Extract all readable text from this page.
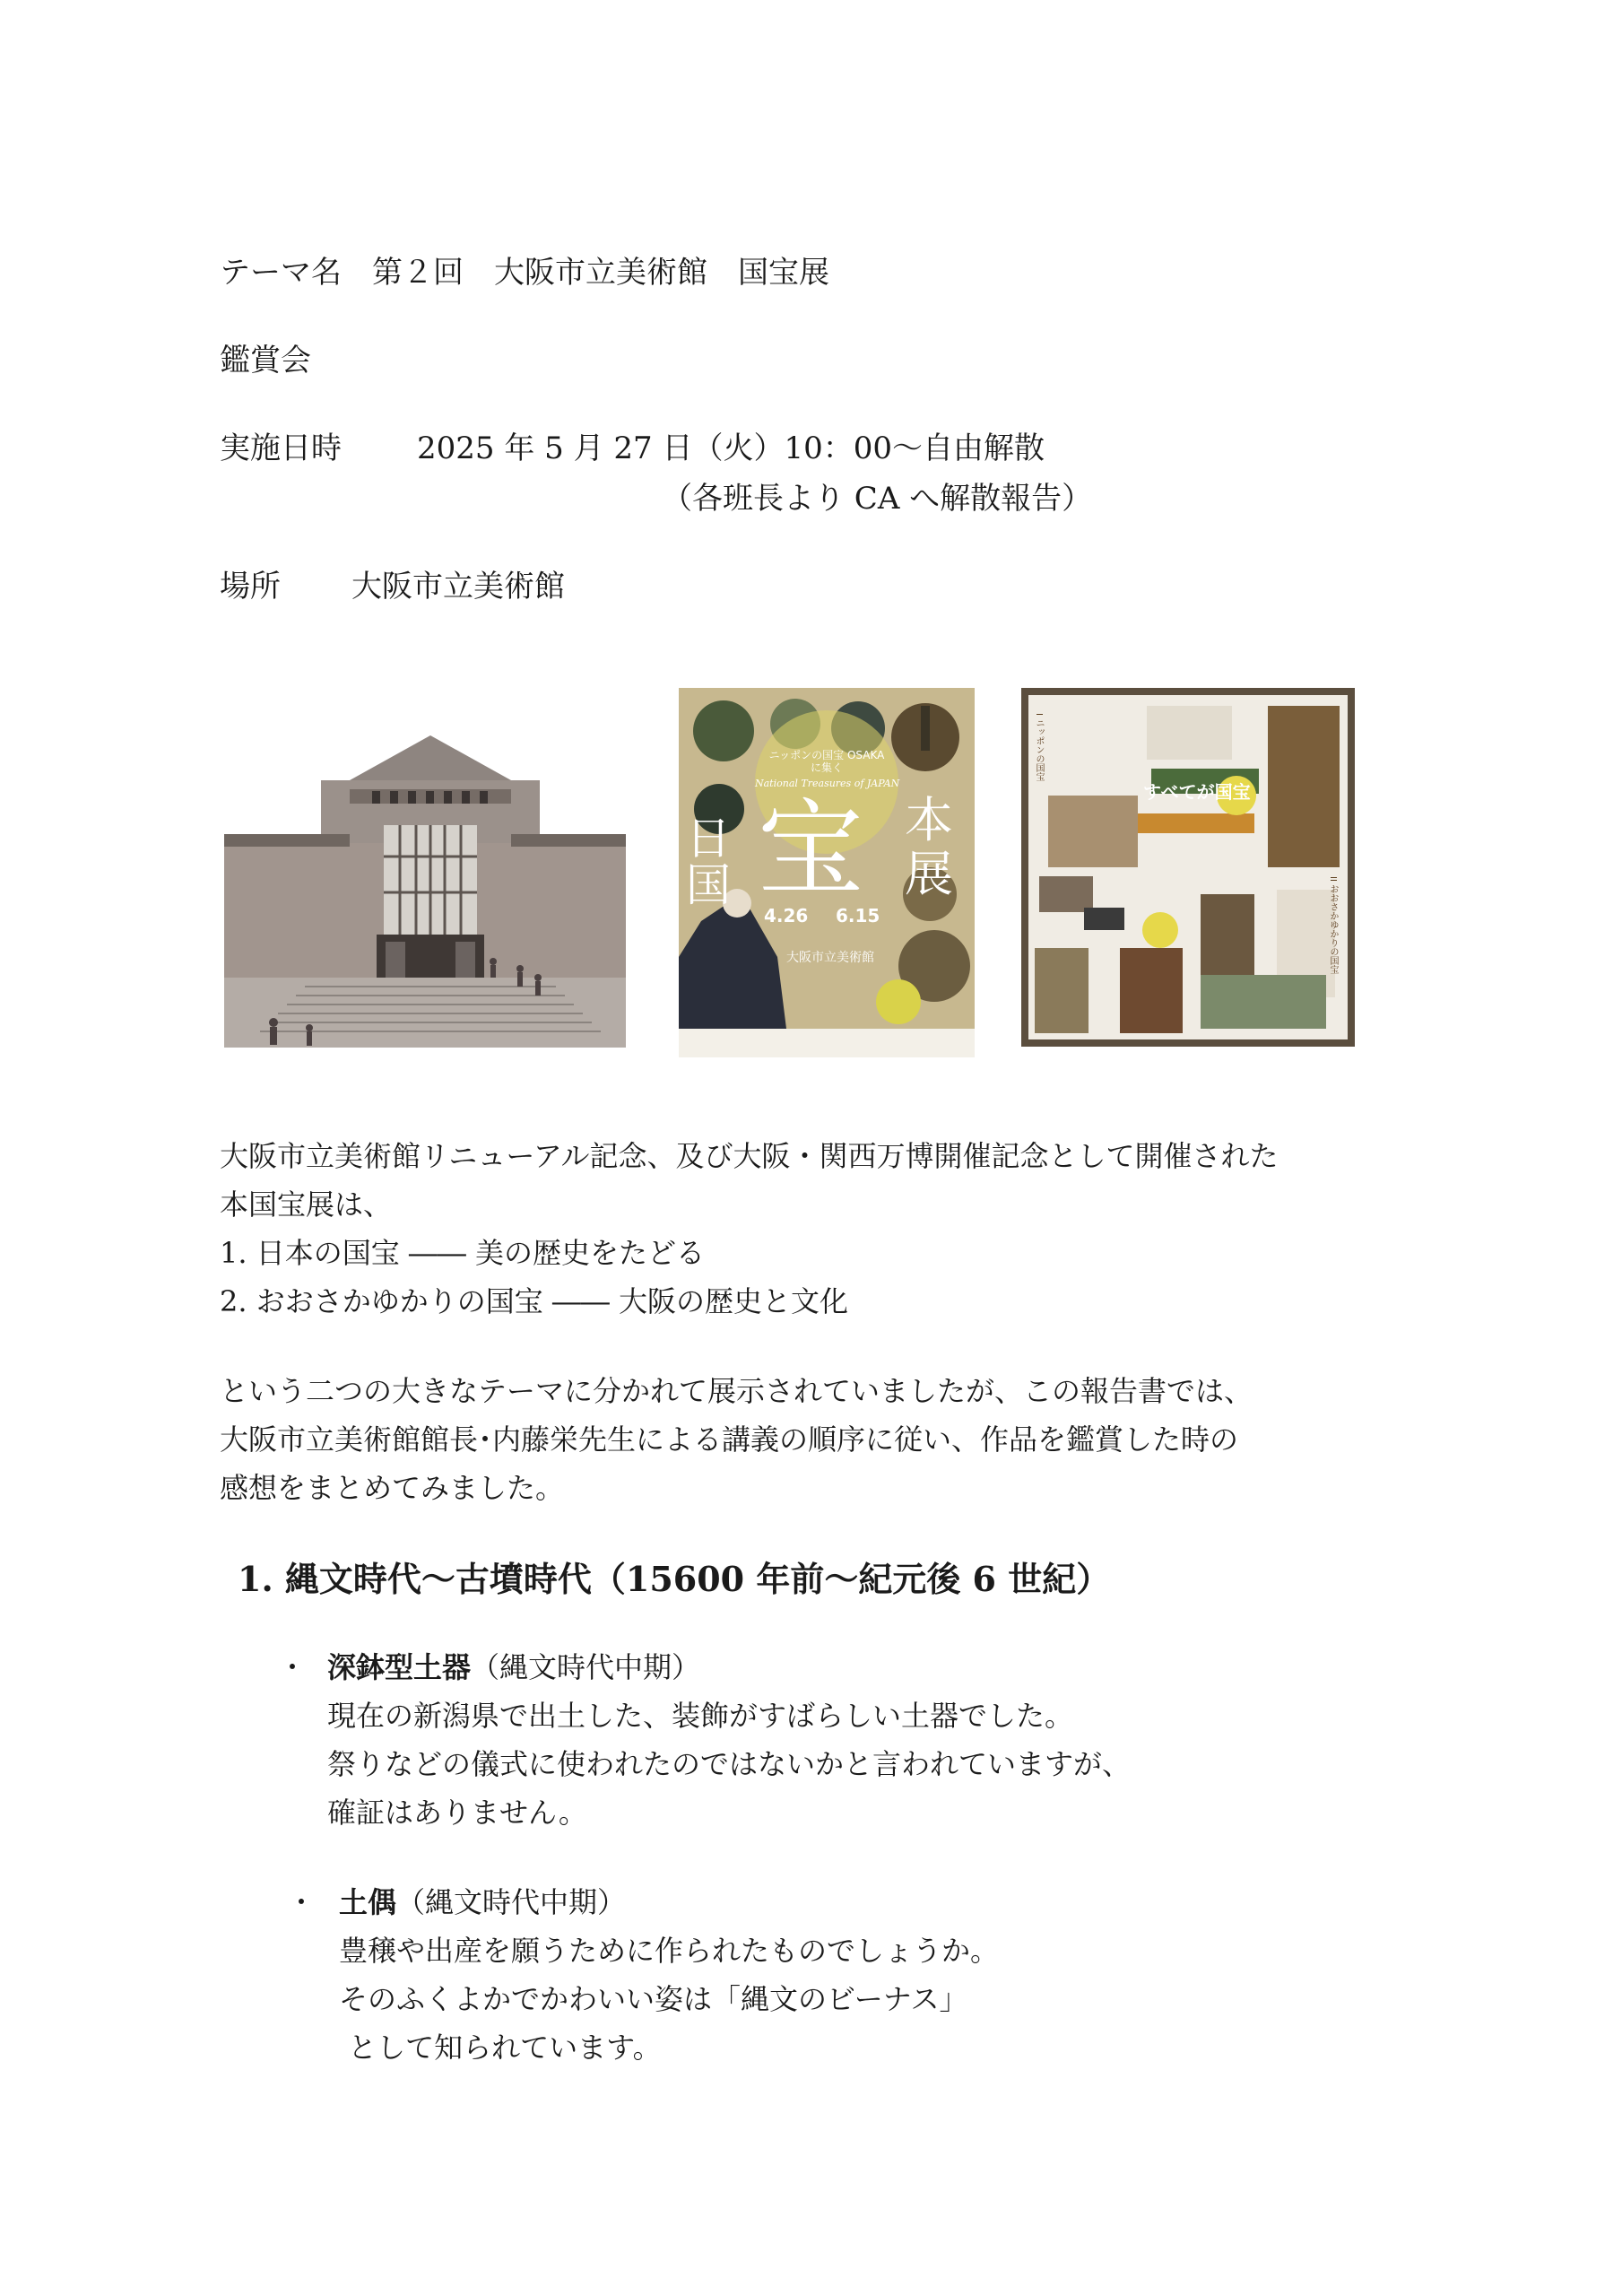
テーマ名 第２回　大阪市立美術館　国宝展
鑑賞会
実施日時 2025 年 5 月 27 日（火）10：00〜自由解散
（各班長より CA へ解散報告）
場所 大阪市立美術館
ニッポンの国宝 OSAKAに集く
National Treasures of JAPAN
日
国 宝 本
展
4.26 6.15
大阪市立美術館
すべてが国宝
I ニッポンの国宝
II おおさかゆかりの国宝
大阪市立美術館リニューアル記念、及び大阪・関西万博開催記念として開催された
本国宝展は、
1. 日本の国宝 ―― 美の歴史をたどる
2. おおさかゆかりの国宝 ―― 大阪の歴史と文化
という二つの大きなテーマに分かれて展示されていましたが、この報告書では、
大阪市立美術館館長･内藤栄先生による講義の順序に従い、作品を鑑賞した時の
感想をまとめてみました。
1. 縄文時代〜古墳時代（15600 年前〜紀元後 6 世紀）
・ 深鉢型土器（縄文時代中期）
現在の新潟県で出土した、装飾がすばらしい土器でした。
祭りなどの儀式に使われたのではないかと言われていますが、
確証はありません。
・ 土偶（縄文時代中期）
豊穣や出産を願うために作られたものでしょうか。
そのふくよかでかわいい姿は「縄文のビーナス」
として知られています。
